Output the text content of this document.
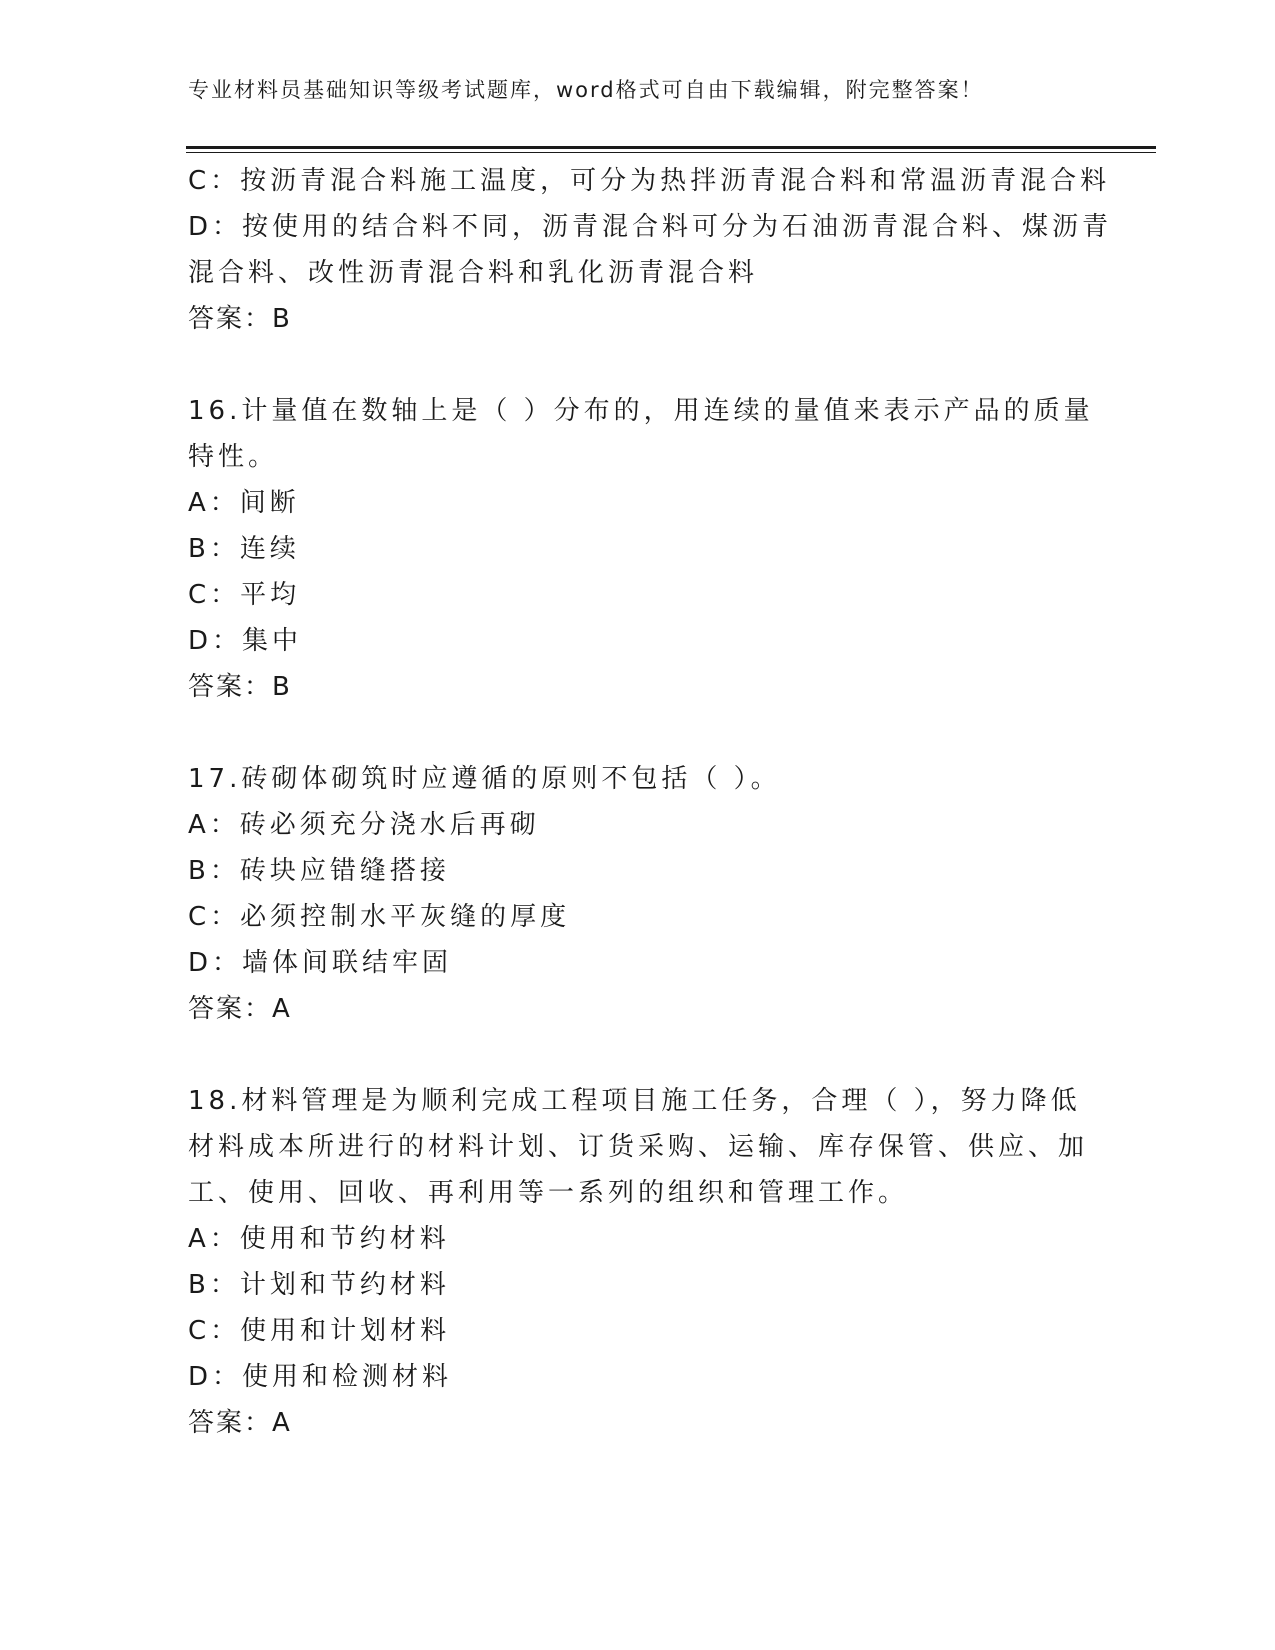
专业材料员基础知识等级考试题库，word格式可自由下载编辑，附完整答案！
C：按沥青混合料施工温度，可分为热拌沥青混合料和常温沥青混合料
D：按使用的结合料不同，沥青混合料可分为石油沥青混合料、煤沥青
混合料、改性沥青混合料和乳化沥青混合料
答案：B
16.计量值在数轴上是（ ）分布的，用连续的量值来表示产品的质量
特性。
A：间断
B：连续
C：平均
D：集中
答案：B
17.砖砌体砌筑时应遵循的原则不包括（ ）。
A：砖必须充分浇水后再砌
B：砖块应错缝搭接
C：必须控制水平灰缝的厚度
D：墙体间联结牢固
答案：A
18.材料管理是为顺利完成工程项目施工任务，合理（ ），努力降低
材料成本所进行的材料计划、订货采购、运输、库存保管、供应、加
工、使用、回收、再利用等一系列的组织和管理工作。
A：使用和节约材料
B：计划和节约材料
C：使用和计划材料
D：使用和检测材料
答案：A
